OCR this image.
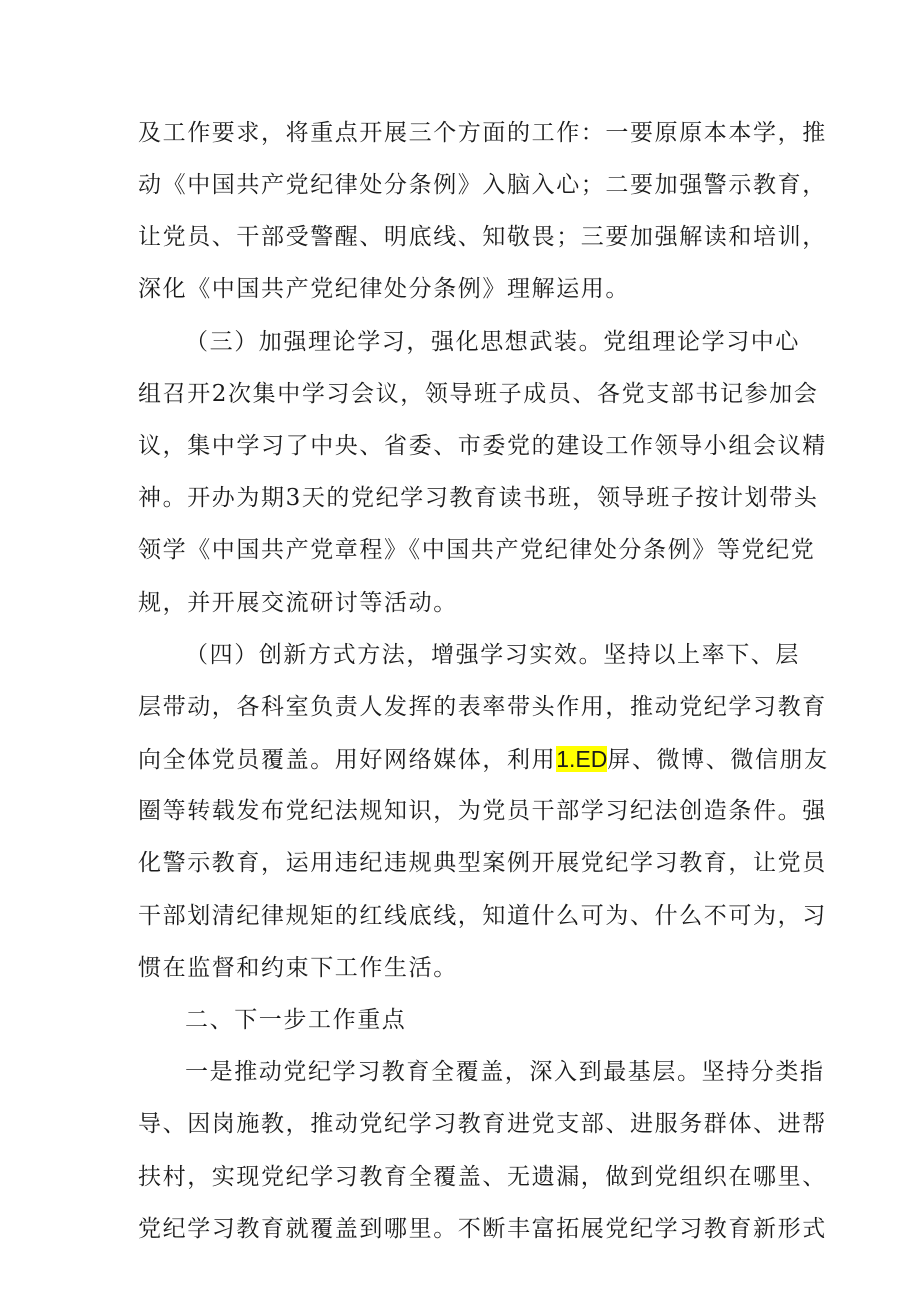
及工作要求，将重点开展三个方面的工作：一要原原本本学，推
动《中国共产党纪律处分条例》入脑入心；二要加强警示教育，
让党员、干部受警醒、明底线、知敬畏；三要加强解读和培训，
深化《中国共产党纪律处分条例》理解运用。
（三）加强理论学习，强化思想武装。党组理论学习中心
组召开2次集中学习会议，领导班子成员、各党支部书记参加会
议，集中学习了中央、省委、市委党的建设工作领导小组会议精
神。开办为期3天的党纪学习教育读书班，领导班子按计划带头
领学《中国共产党章程》《中国共产党纪律处分条例》等党纪党
规，并开展交流研讨等活动。
（四）创新方式方法，增强学习实效。坚持以上率下、层
层带动，各科室负责人发挥的表率带头作用，推动党纪学习教育
向全体党员覆盖。用好网络媒体，利用1.ED屏、微博、微信朋友
圈等转载发布党纪法规知识，为党员干部学习纪法创造条件。强
化警示教育，运用违纪违规典型案例开展党纪学习教育，让党员
干部划清纪律规矩的红线底线，知道什么可为、什么不可为，习
惯在监督和约束下工作生活。
二、下一步工作重点
一是推动党纪学习教育全覆盖，深入到最基层。坚持分类指
导、因岗施教，推动党纪学习教育进党支部、进服务群体、进帮
扶村，实现党纪学习教育全覆盖、无遗漏，做到党组织在哪里、
党纪学习教育就覆盖到哪里。不断丰富拓展党纪学习教育新形式
